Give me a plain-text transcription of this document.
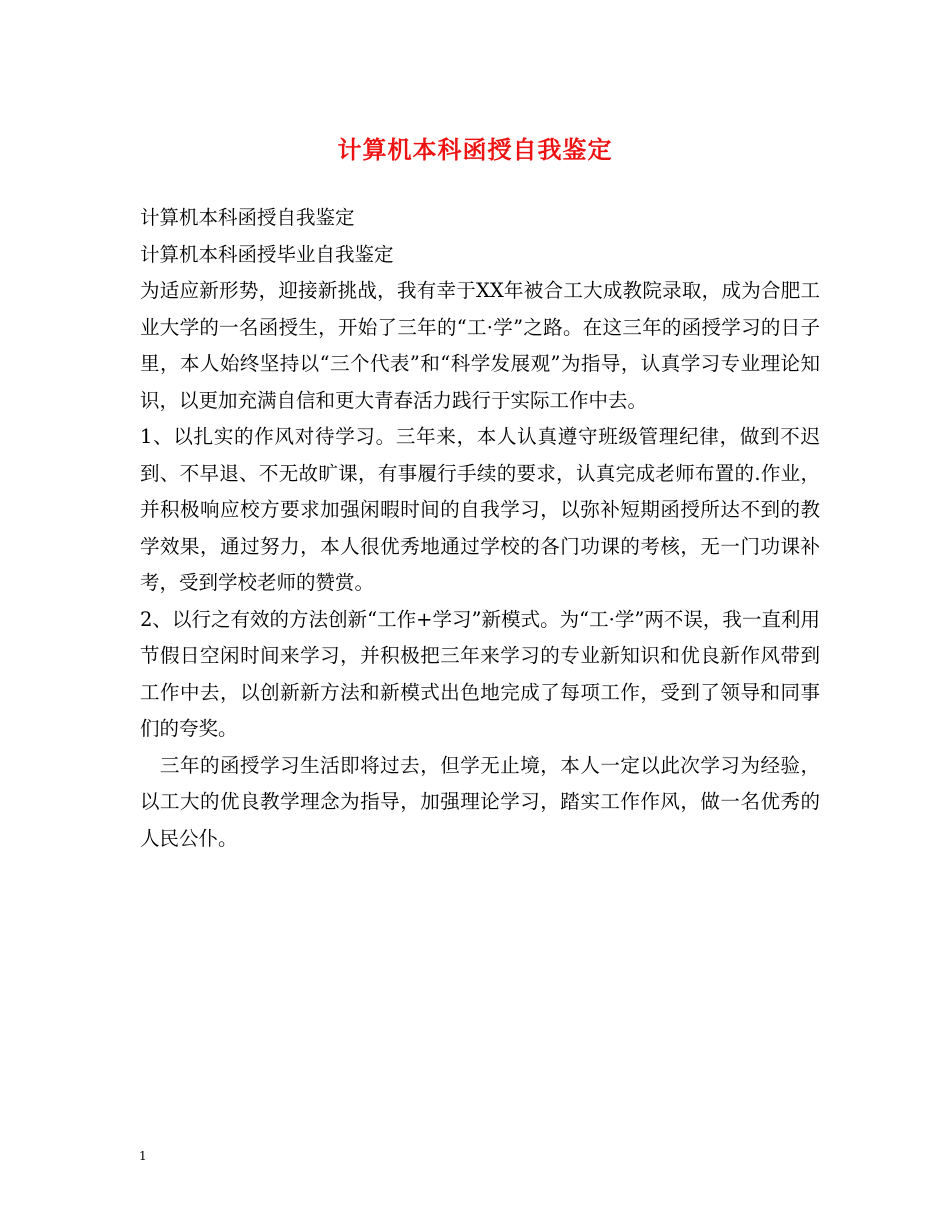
计算机本科函授自我鉴定

计算机本科函授自我鉴定

计算机本科函授毕业自我鉴定

为适应新形势，迎接新挑战，我有幸于XX年被合工大成教院录取，成为合肥工业大学的一名函授生，开始了三年的“工·学”之路。在这三年的函授学习的日子里，本人始终坚持以“三个代表”和“科学发展观”为指导，认真学习专业理论知识，以更加充满自信和更大青春活力践行于实际工作中去。

1、以扎实的作风对待学习。三年来，本人认真遵守班级管理纪律，做到不迟到、不早退、不无故旷课，有事履行手续的要求，认真完成老师布置的.作业，并积极响应校方要求加强闲暇时间的自我学习，以弥补短期函授所达不到的教学效果，通过努力，本人很优秀地通过学校的各门功课的考核，无一门功课补考，受到学校老师的赞赏。

2、以行之有效的方法创新“工作+学习”新模式。为“工·学”两不误，我一直利用节假日空闲时间来学习，并积极把三年来学习的专业新知识和优良新作风带到工作中去，以创新新方法和新模式出色地完成了每项工作，受到了领导和同事们的夸奖。

三年的函授学习生活即将过去，但学无止境，本人一定以此次学习为经验，以工大的优良教学理念为指导，加强理论学习，踏实工作作风，做一名优秀的人民公仆。

1
